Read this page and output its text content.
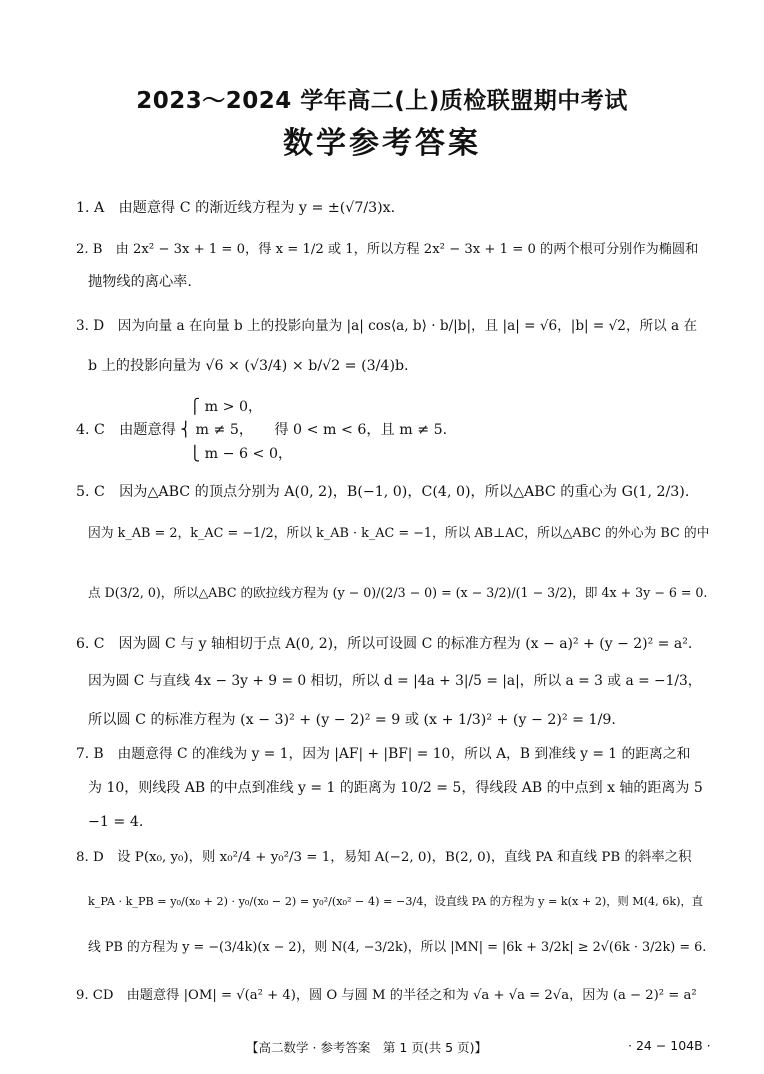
2023～2024 学年高二(上)质检联盟期中考试
数学参考答案
1. A　由题意得 C 的渐近线方程为 y = ±(√7/3)x.
2. B　由 2x² − 3x + 1 = 0，得 x = 1/2 或 1，所以方程 2x² − 3x + 1 = 0 的两个根可分别作为椭圆和
抛物线的离心率.
3. D　因为向量 a 在向量 b 上的投影向量为 |a| cos⟨a, b⟩ · b/|b|，且 |a| = √6，|b| = √2，所以 a 在
b 上的投影向量为 √6 × (√3/4) × b/√2 = (3/4)b.
　　　　　　　　⎧ m > 0，
4. C　由题意得 ⎨ m ≠ 5，　　得 0 < m < 6，且 m ≠ 5.
　　　　　　　　⎩ m − 6 < 0，
5. C　因为△ABC 的顶点分别为 A(0, 2)，B(−1, 0)，C(4, 0)，所以△ABC 的重心为 G(1, 2/3).
因为 k_AB = 2，k_AC = −1/2，所以 k_AB · k_AC = −1，所以 AB⊥AC，所以△ABC 的外心为 BC 的中
点 D(3/2, 0)，所以△ABC 的欧拉线方程为 (y − 0)/(2/3 − 0) = (x − 3/2)/(1 − 3/2)，即 4x + 3y − 6 = 0.
6. C　因为圆 C 与 y 轴相切于点 A(0, 2)，所以可设圆 C 的标准方程为 (x − a)² + (y − 2)² = a².
因为圆 C 与直线 4x − 3y + 9 = 0 相切，所以 d = |4a + 3|/5 = |a|，所以 a = 3 或 a = −1/3，
所以圆 C 的标准方程为 (x − 3)² + (y − 2)² = 9 或 (x + 1/3)² + (y − 2)² = 1/9.
7. B　由题意得 C 的准线为 y = 1，因为 |AF| + |BF| = 10，所以 A，B 到准线 y = 1 的距离之和
为 10，则线段 AB 的中点到准线 y = 1 的距离为 10/2 = 5，得线段 AB 的中点到 x 轴的距离为 5
−1 = 4.
8. D　设 P(x₀, y₀)，则 x₀²/4 + y₀²/3 = 1，易知 A(−2, 0)，B(2, 0)，直线 PA 和直线 PB 的斜率之积
k_PA · k_PB = y₀/(x₀ + 2) · y₀/(x₀ − 2) = y₀²/(x₀² − 4) = −3/4，设直线 PA 的方程为 y = k(x + 2)，则 M(4, 6k)，直
线 PB 的方程为 y = −(3/4k)(x − 2)，则 N(4, −3/2k)，所以 |MN| = |6k + 3/2k| ≥ 2√(6k · 3/2k) = 6.
9. CD　由题意得 |OM| = √(a² + 4)，圆 O 与圆 M 的半径之和为 √a + √a = 2√a，因为 (a − 2)² = a²
【高二数学 · 参考答案　第 1 页(共 5 页)】	· 24 − 104B ·
